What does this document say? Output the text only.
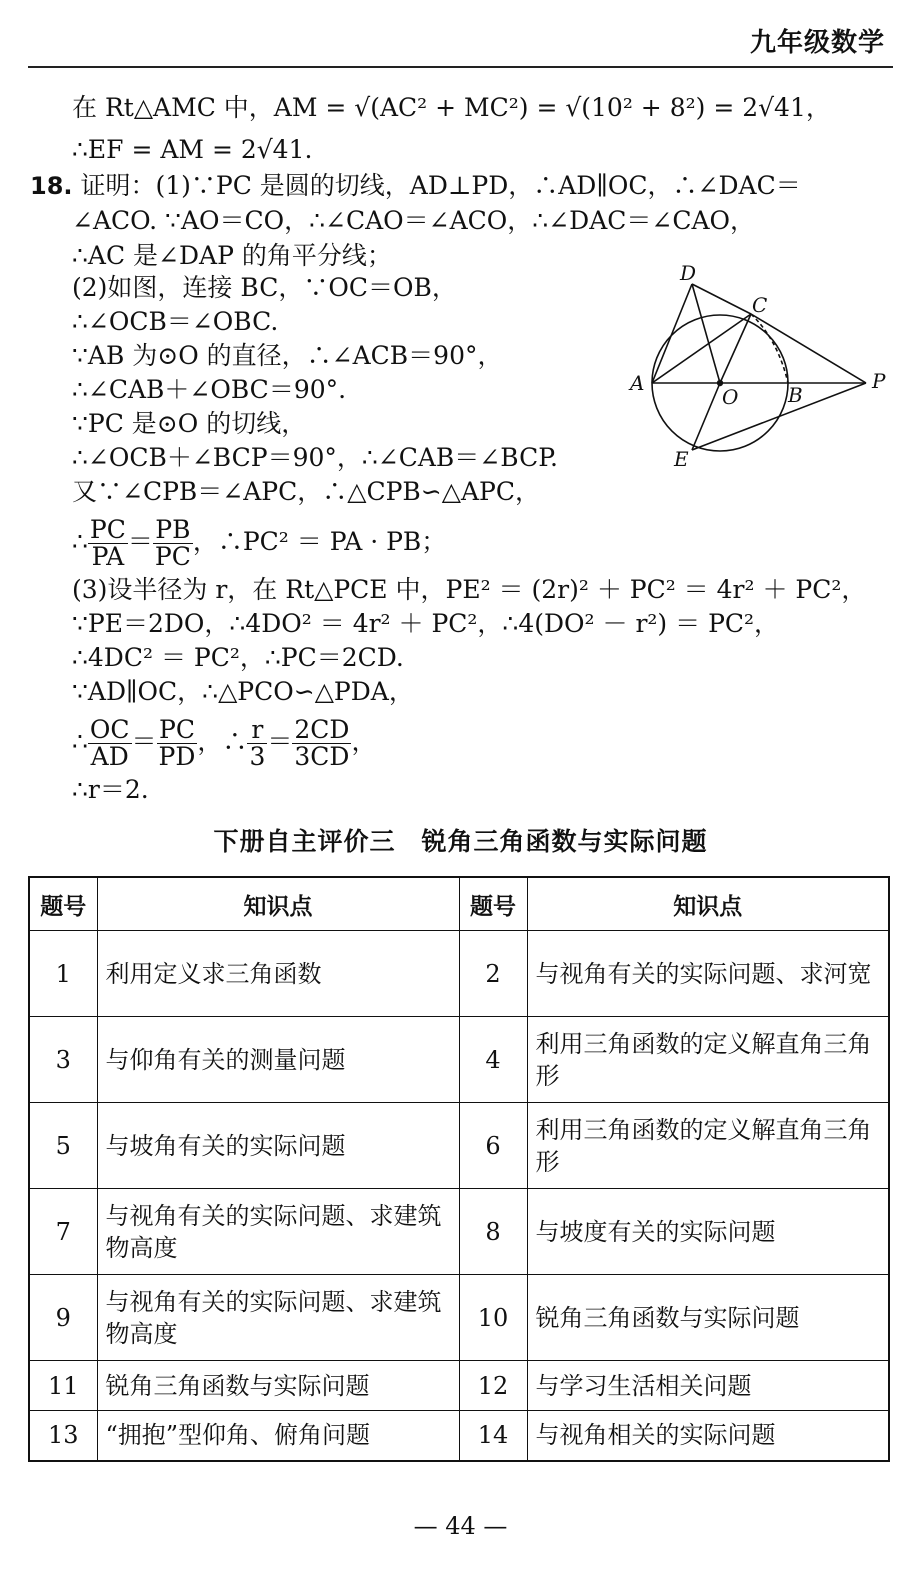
九年级数学
在 Rt△AMC 中，AM = √(AC² + MC²) = √(10² + 8²) = 2√41，
∴EF = AM = 2√41.
18. 证明：(1)∵PC 是圆的切线，AD⊥PD，∴AD∥OC，∴∠DAC＝
∠ACO. ∵AO＝CO，∴∠CAO＝∠ACO，∴∠DAC＝∠CAO，
∴AC 是∠DAP 的角平分线；
(2)如图，连接 BC，∵OC＝OB，
∴∠OCB＝∠OBC.
∵AB 为⊙O 的直径，∴∠ACB＝90°，
∴∠CAB＋∠OBC＝90°.
∵PC 是⊙O 的切线，
∴∠OCB＋∠BCP＝90°，∴∠CAB＝∠BCP.
又∵∠CPB＝∠APC，∴△CPB∽△APC，
∴ $\frac{PC}{PA} = \frac{PB}{PC}$ ，∴PC² ＝ PA · PB；
(3)设半径为 r，在 Rt△PCE 中，PE² ＝ (2r)² ＋ PC² ＝ 4r² ＋ PC²，
∵PE＝2DO，∴4DO² ＝ 4r² ＋ PC²，∴4(DO² － r²) ＝ PC²，
∴4DC² ＝ PC²，∴PC＝2CD.
∵AD∥OC，∴△PCO∽△PDA，
∴ $\frac{OC}{AD} = \frac{PC}{PD}$ ，∴ $\frac{r}{3} = \frac{2CD}{3CD}$ ，
∴r＝2.
D
C
A
O B
P
E
下册自主评价三　锐角三角函数与实际问题
题号	知识点	题号	知识点
1	利用定义求三角函数	2	与视角有关的实际问题、求河宽
3	与仰角有关的测量问题	4	利用三角函数的定义解直角三角形
5	与坡角有关的实际问题	6	利用三角函数的定义解直角三角形
7	与视角有关的实际问题、求建筑物高度	8	与坡度有关的实际问题
9	与视角有关的实际问题、求建筑物高度	10	锐角三角函数与实际问题
11	锐角三角函数与实际问题	12	与学习生活相关问题
13	“拥抱”型仰角、俯角问题	14	与视角相关的实际问题
— 44 —
